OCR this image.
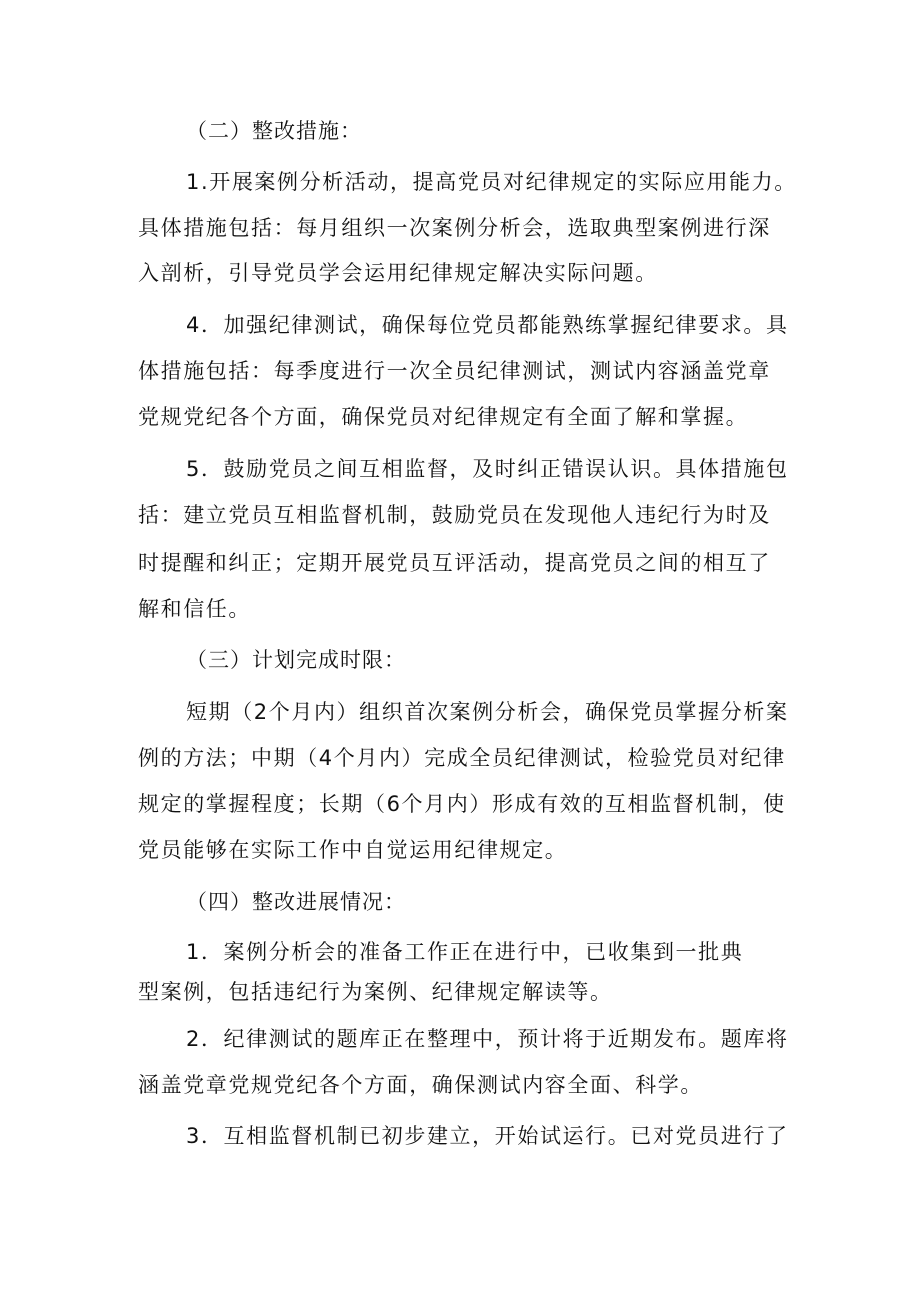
（二）整改措施：

1.开展案例分析活动，提高党员对纪律规定的实际应用能力。

具体措施包括：每月组织一次案例分析会，选取典型案例进行深

入剖析，引导党员学会运用纪律规定解决实际问题。

4．加强纪律测试，确保每位党员都能熟练掌握纪律要求。具

体措施包括：每季度进行一次全员纪律测试，测试内容涵盖党章

党规党纪各个方面，确保党员对纪律规定有全面了解和掌握。

5．鼓励党员之间互相监督，及时纠正错误认识。具体措施包

括：建立党员互相监督机制，鼓励党员在发现他人违纪行为时及

时提醒和纠正；定期开展党员互评活动，提高党员之间的相互了

解和信任。

（三）计划完成时限：

短期（2个月内）组织首次案例分析会，确保党员掌握分析案

例的方法；中期（4个月内）完成全员纪律测试，检验党员对纪律

规定的掌握程度；长期（6个月内）形成有效的互相监督机制，使

党员能够在实际工作中自觉运用纪律规定。

（四）整改进展情况：

1．案例分析会的准备工作正在进行中，已收集到一批典

型案例，包括违纪行为案例、纪律规定解读等。

2．纪律测试的题库正在整理中，预计将于近期发布。题库将

涵盖党章党规党纪各个方面，确保测试内容全面、科学。

3．互相监督机制已初步建立，开始试运行。已对党员进行了
